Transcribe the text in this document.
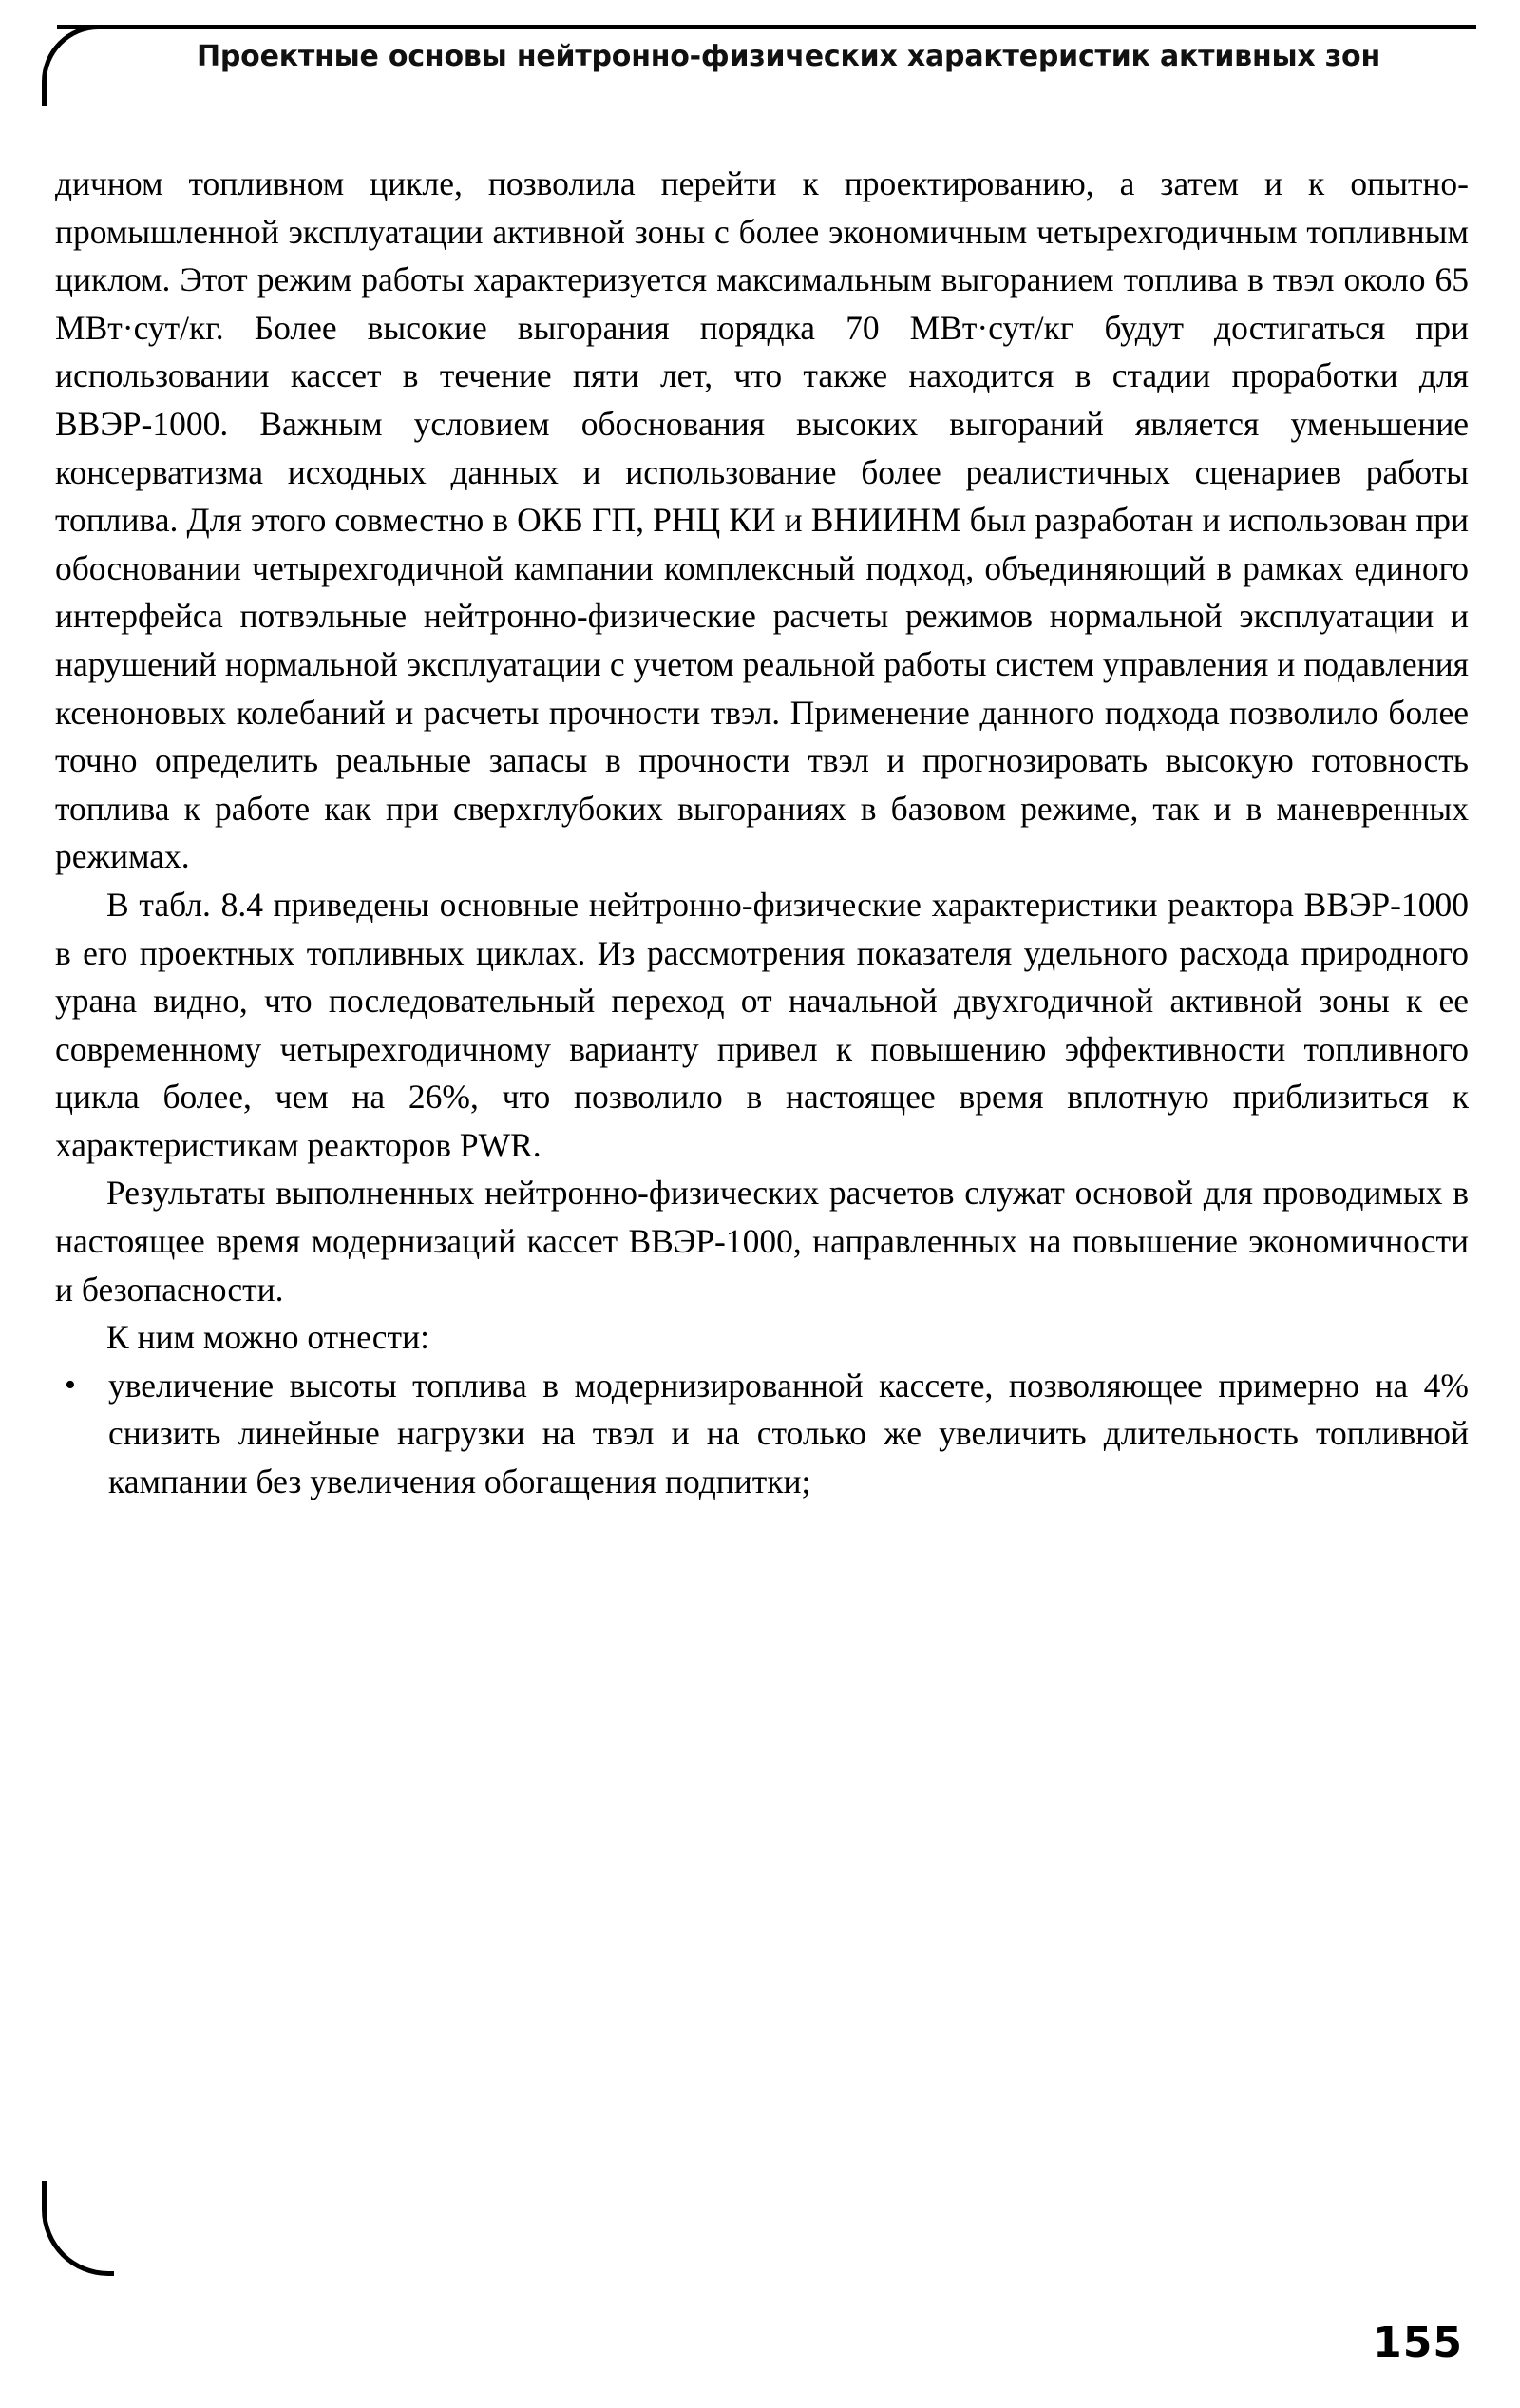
Проектные основы нейтронно-физических характеристик активных зон

дичном топливном цикле, позволила перейти к проектированию, а затем и к опытно-промышленной эксплуатации активной зоны с более экономичным четырехгодичным топливным циклом. Этот режим работы характеризуется максимальным выгоранием топлива в твэл около 65 МВт·сут/кг. Более высокие выгорания порядка 70 МВт·сут/кг будут достигаться при использовании кассет в течение пяти лет, что также находится в стадии проработки для ВВЭР-1000. Важным условием обоснования высоких выгораний является уменьшение консерватизма исходных данных и использование более реалистичных сценариев работы топлива. Для этого совместно в ОКБ ГП, РНЦ КИ и ВНИИНМ был разработан и использован при обосновании четырехгодичной кампании комплексный подход, объединяющий в рамках единого интерфейса потвэльные нейтронно-физические расчеты режимов нормальной эксплуатации и нарушений нормальной эксплуатации с учетом реальной работы систем управления и подавления ксеноновых колебаний и расчеты прочности твэл. Применение данного подхода позволило более точно определить реальные запасы в прочности твэл и прогнозировать высокую готовность топлива к работе как при сверхглубоких выгораниях в базовом режиме, так и в маневренных режимах.

В табл. 8.4 приведены основные нейтронно-физические характеристики реактора ВВЭР-1000 в его проектных топливных циклах. Из рассмотрения показателя удельного расхода природного урана видно, что последовательный переход от начальной двухгодичной активной зоны к ее современному четырехгодичному варианту привел к повышению эффективности топливного цикла более, чем на 26%, что позволило в настоящее время вплотную приблизиться к характеристикам реакторов PWR.

Результаты выполненных нейтронно-физических расчетов служат основой для проводимых в настоящее время модернизаций кассет ВВЭР-1000, направленных на повышение экономичности и безопасности.

К ним можно отнести:

• увеличение высоты топлива в модернизированной кассете, позволяющее примерно на 4% снизить линейные нагрузки на твэл и на столько же увеличить длительность топливной кампании без увеличения обогащения подпитки;
155
